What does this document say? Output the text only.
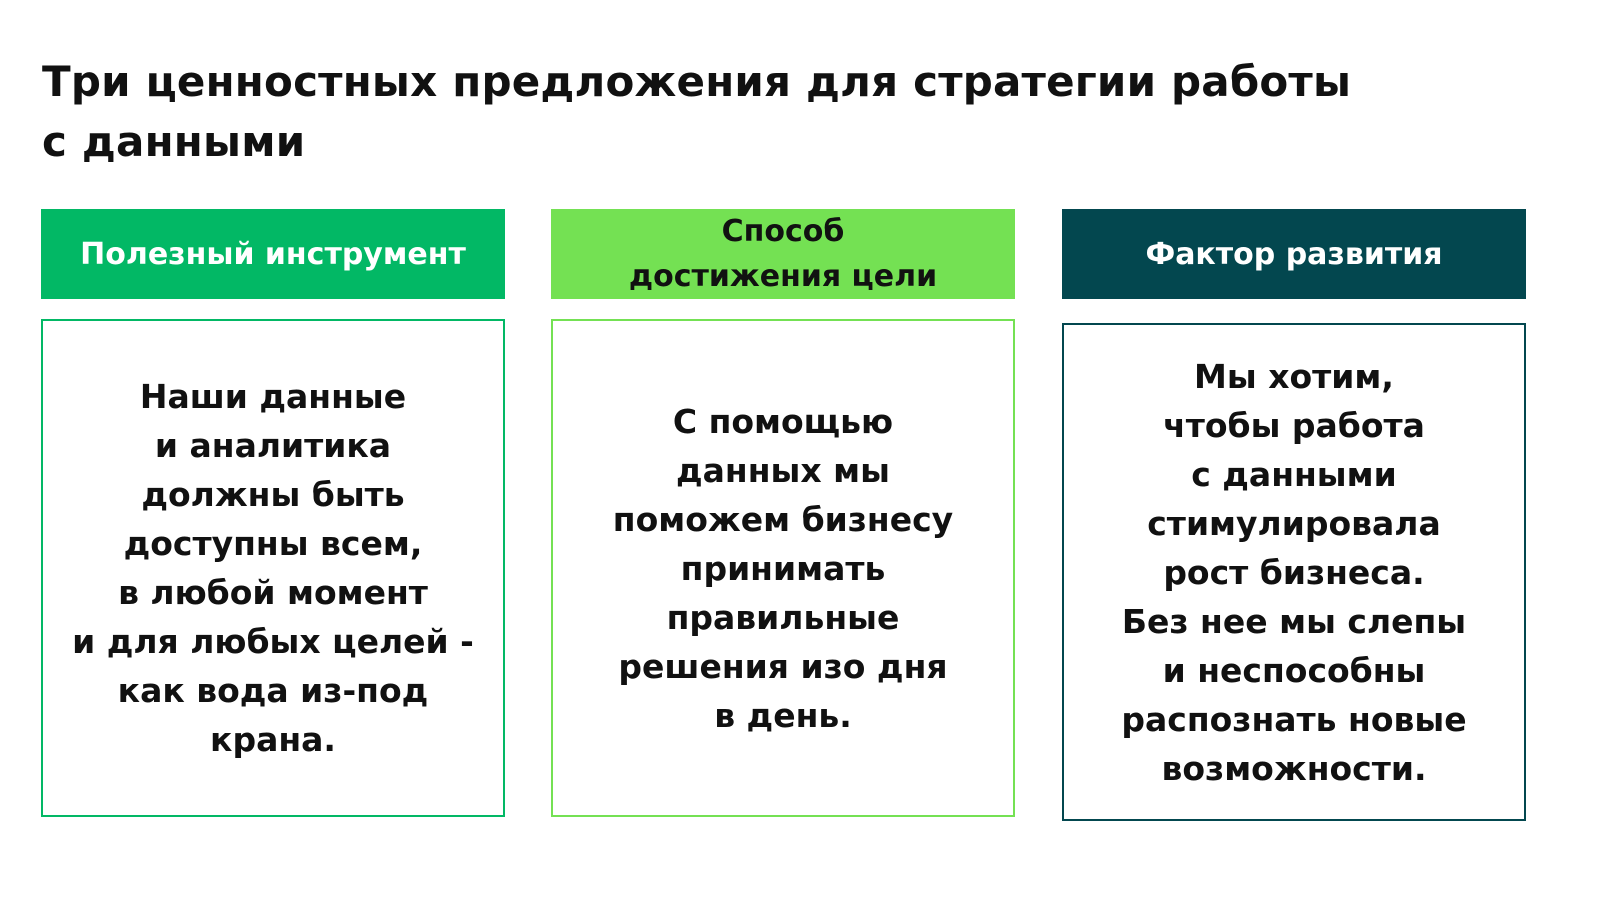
Три ценностных предложения для стратегии работы
с данными
Полезный инструмент
Наши данные
и аналитика
должны быть
доступны всем,
в любой момент
и для любых целей -
как вода из-под
крана.
Способ
достижения цели
С помощью
данных мы
поможем бизнесу
принимать
правильные
решения изо дня
в день.
Фактор развития
Мы хотим,
чтобы работа
с данными
стимулировала
рост бизнеса.
Без нее мы слепы
и неспособны
распознать новые
возможности.
